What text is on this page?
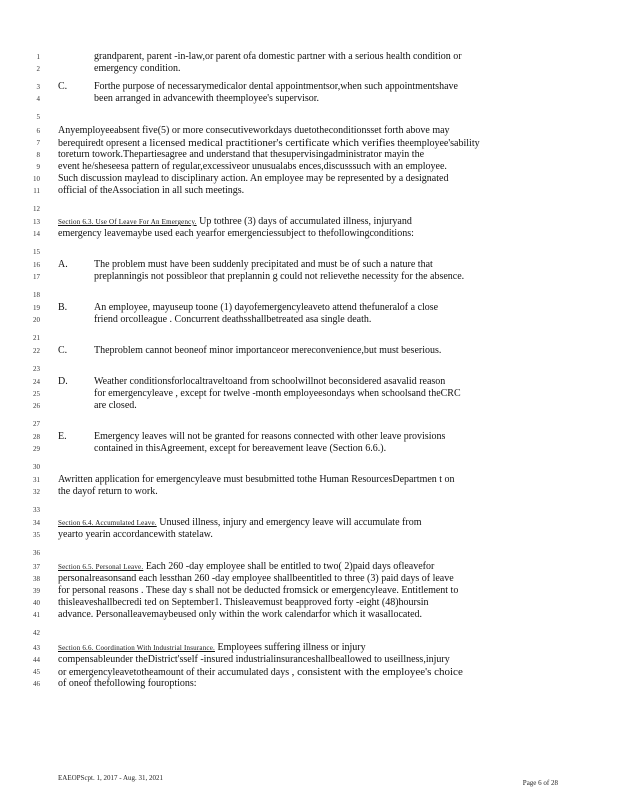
1	grandparent, parent -in-law,or parent ofa domestic partner with a serious health condition or
2	emergency condition.
3 C.	Forthe purpose of necessarymedicalor dental appointmentsor,when such appointmentshave
4	been arranged in advancewith theemployee's supervisor.
5
6 Anyemployeeabsent five(5) or more consecutiveworkdays duetotheconditionsset forth above may
7 berequiredt opresent a licensed medical practitioner's certificate which verifies theemployee'sability
8 toreturn towork.Thepartiesagree and understand that thesupervisingadministrator mayin the
9 event he/sheseesa pattern of regular,excessiveor unusualabs ences,discusssuch with an employee.
10 Such discussion maylead to disciplinary action. An employee may be represented by a designated
11 official of theAssociation in all such meetings.
12
13	Section 6.3. Use Of Leave For An Emergency. Up tothree (3) days of accumulated illness, injuryand
14 emergency leavemaybe used each yearfor emergenciessubject to thefollowingconditions:
15
16 A.	The problem must have been suddenly precipitated and must be of such a nature that
17	preplanningis not possibleor that preplannin g could not relievethe necessity for the absence.
18
19 B.	An employee, mayuseup toone (1) dayofemergencyleaveto attend thefuneralof a close
20	friend orcolleague . Concurrent deathsshallbetreated asa single death.
21
22 C.	Theproblem cannot beoneof minor importanceor mereconvenience,but must beserious.
23
24 D.	Weather conditionsforlocaltraveltoand from schoolwillnot beconsidered asavalid reason
25	for emergencyleave , except for twelve -month employeesondays when schoolsand theCRC
26	are closed.
27
28 E.	Emergency leaves will not be granted for reasons connected with other leave provisions
29	contained in thisAgreement, except for bereavement leave (Section 6.6.).
30
31 Awritten application for emergencyleave must besubmitted tothe Human ResourcesDepartmen t on
32 the dayof return to work.
33
34	Section 6.4. Accumulated Leave. Unused illness, injury and emergency leave will accumulate from
35 yearto yearin accordancewith statelaw.
36
37	Section 6.5. Personal Leave. Each 260 -day employee shall be entitled to two( 2)paid days ofleavefor
38 personalreasonsand each lessthan 260 -day employee shallbeentitled to three (3) paid days of leave
39 for personal reasons . These day s shall not be deducted fromsick or emergencyleave. Entitlement to
40 thisleaveshallbecredi ted on September1. Thisleavemust beapproved forty -eight (48)hoursin
41 advance. Personalleavemaybeused only within the work calendarfor which it wasallocated.
42
43	Section 6.6. Coordination With Industrial Insurance. Employees suffering illness or injury
44 compensableunder theDistrict'sself -insured industrialinsuranceshallbeallowed to useillness,injury
45 or emergencyleavetotheamount of their accumulated days , consistent with the employee's choice
46 of oneof thefollowing fouroptions:
EAEOPScpt. 1, 2017 - Aug. 31, 2021
Page 6 of 28
